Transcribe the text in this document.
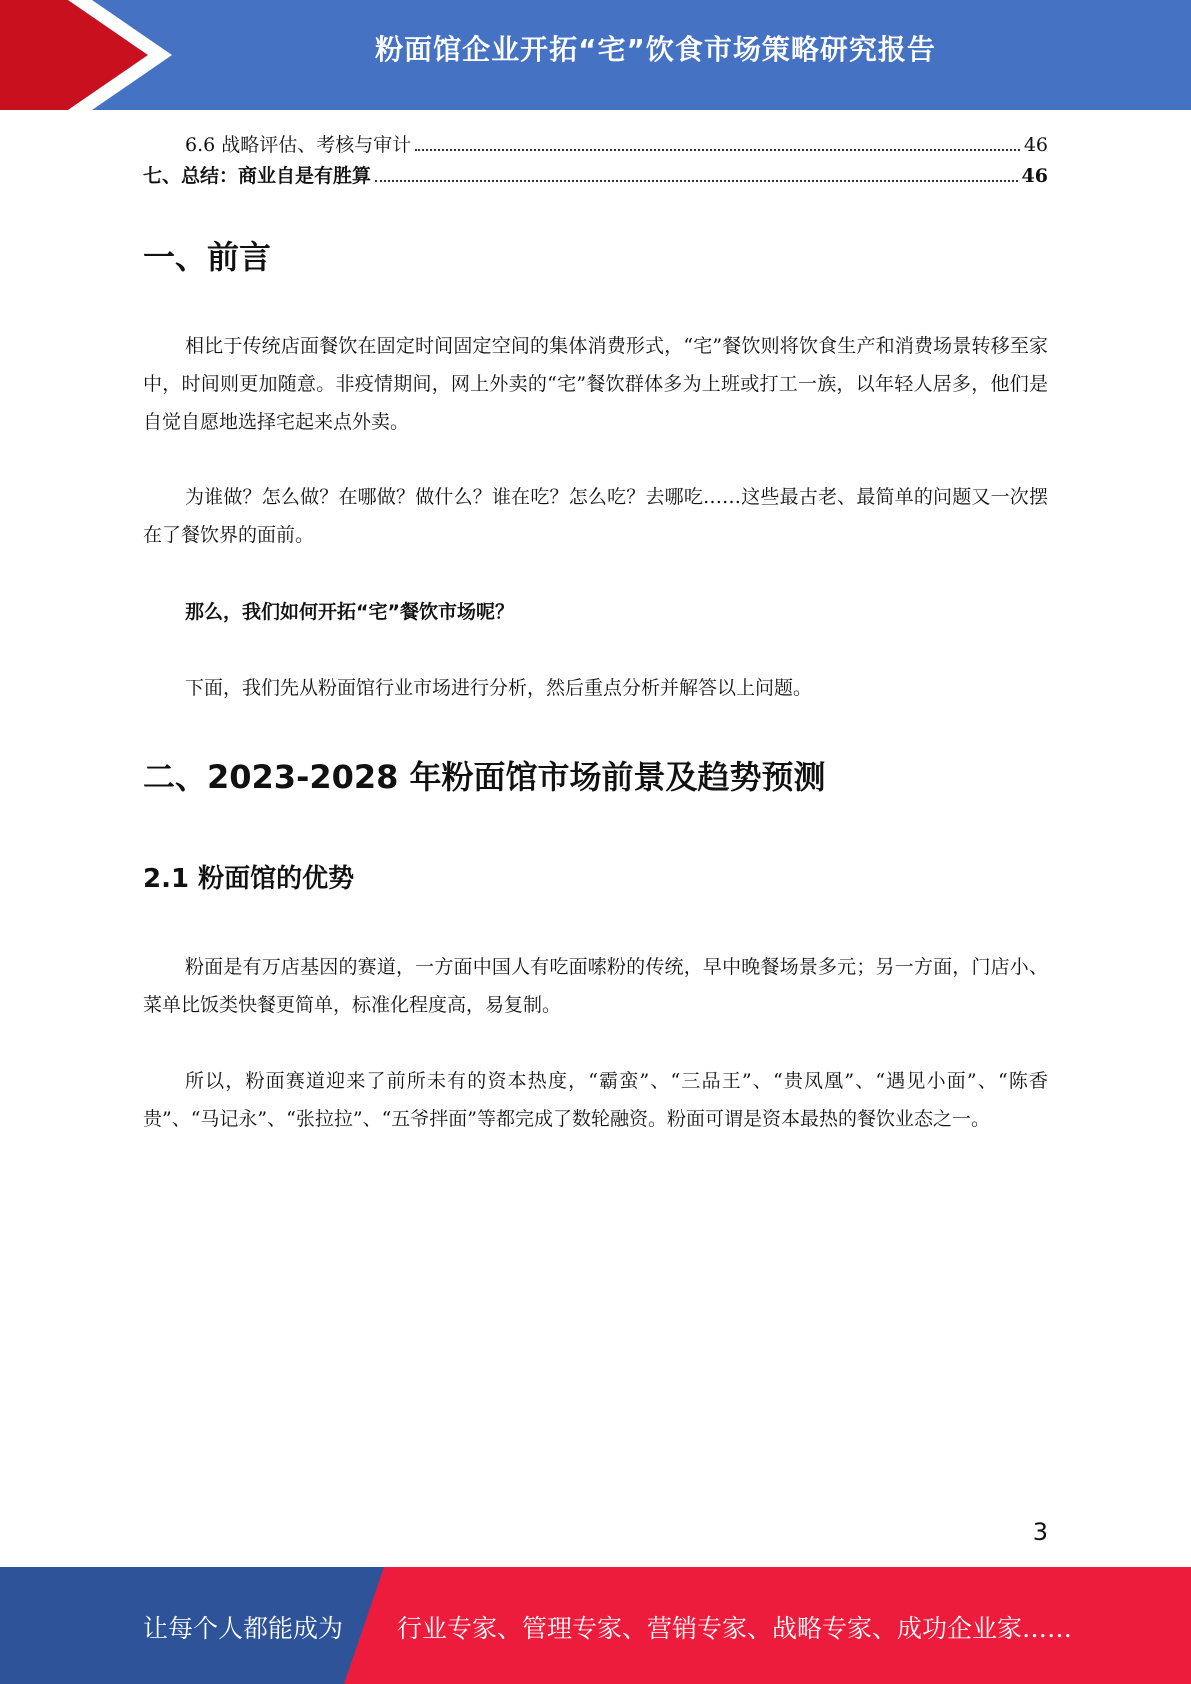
粉面馆企业开拓“宅”饮食市场策略研究报告
6.6 战略评估、考核与审计	46
七、总结：商业自是有胜算	46
一、前言
相比于传统店面餐饮在固定时间固定空间的集体消费形式，“宅”餐饮则将饮食生产和消费场景转移至家中，时间则更加随意。非疫情期间，网上外卖的“宅”餐饮群体多为上班或打工一族，以年轻人居多，他们是自觉自愿地选择宅起来点外卖。
为谁做？怎么做？在哪做？做什么？谁在吃？怎么吃？去哪吃……这些最古老、最简单的问题又一次摆在了餐饮界的面前。
那么，我们如何开拓“宅”餐饮市场呢？
下面，我们先从粉面馆行业市场进行分析，然后重点分析并解答以上问题。
二、2023-2028 年粉面馆市场前景及趋势预测
2.1 粉面馆的优势
粉面是有万店基因的赛道，一方面中国人有吃面嗦粉的传统，早中晚餐场景多元；另一方面，门店小、菜单比饭类快餐更简单，标准化程度高，易复制。
所以，粉面赛道迎来了前所未有的资本热度，“霸蛮”、“三品王”、“贵凤凰”、“遇见小面”、“陈香贵”、“马记永”、“张拉拉”、“五爷拌面”等都完成了数轮融资。粉面可谓是资本最热的餐饮业态之一。
3
让每个人都能成为 行业专家、管理专家、营销专家、战略专家、成功企业家……
